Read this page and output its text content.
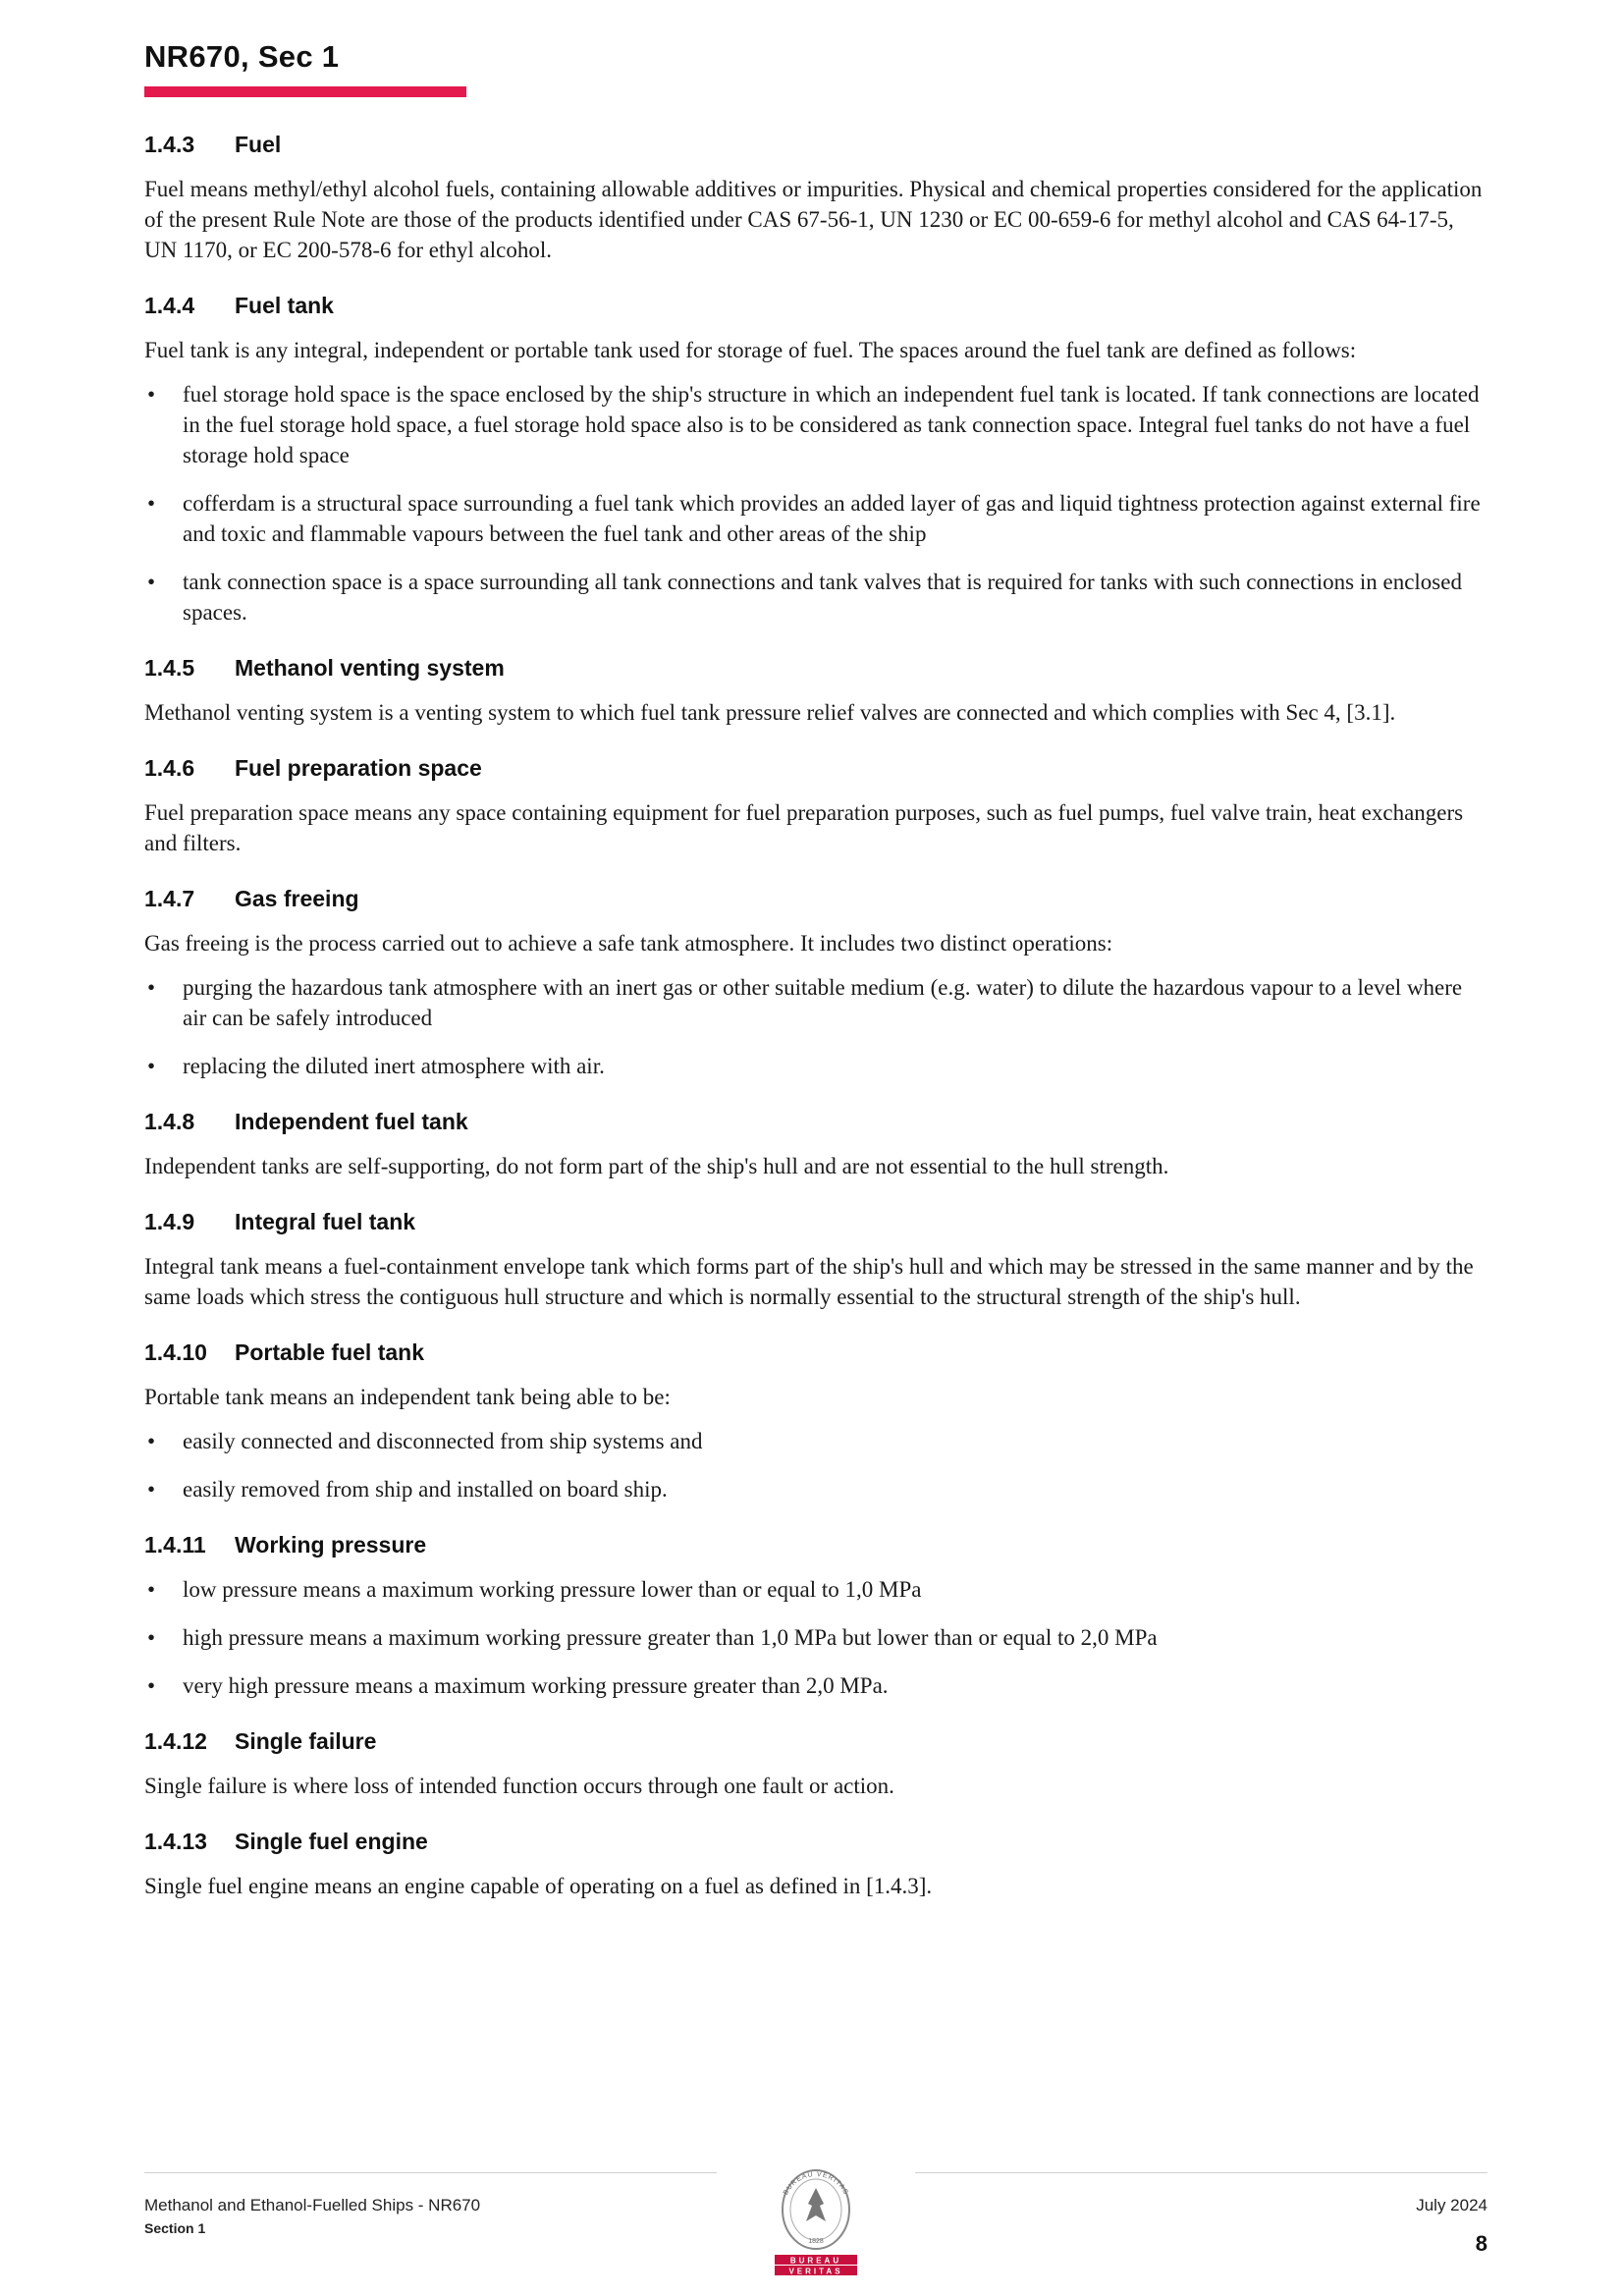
NR670, Sec 1
1.4.3	Fuel

Fuel means methyl/ethyl alcohol fuels, containing allowable additives or impurities. Physical and chemical properties considered for the application of the present Rule Note are those of the products identified under CAS 67-56-1, UN 1230 or EC 00-659-6 for methyl alcohol and CAS 64-17-5, UN 1170, or EC 200-578-6 for ethyl alcohol.

1.4.4	Fuel tank

Fuel tank is any integral, independent or portable tank used for storage of fuel. The spaces around the fuel tank are defined as follows:

• fuel storage hold space is the space enclosed by the ship's structure in which an independent fuel tank is located. If tank connections are located in the fuel storage hold space, a fuel storage hold space also is to be considered as tank connection space. Integral fuel tanks do not have a fuel storage hold space
• cofferdam is a structural space surrounding a fuel tank which provides an added layer of gas and liquid tightness protection against external fire and toxic and flammable vapours between the fuel tank and other areas of the ship
• tank connection space is a space surrounding all tank connections and tank valves that is required for tanks with such connections in enclosed spaces.
1.4.5	Methanol venting system

Methanol venting system is a venting system to which fuel tank pressure relief valves are connected and which complies with Sec 4, [3.1].

1.4.6	Fuel preparation space

Fuel preparation space means any space containing equipment for fuel preparation purposes, such as fuel pumps, fuel valve train, heat exchangers and filters.

1.4.7	Gas freeing

Gas freeing is the process carried out to achieve a safe tank atmosphere. It includes two distinct operations:

• purging the hazardous tank atmosphere with an inert gas or other suitable medium (e.g. water) to dilute the hazardous vapour to a level where air can be safely introduced
• replacing the diluted inert atmosphere with air.
1.4.8	Independent fuel tank

Independent tanks are self-supporting, do not form part of the ship's hull and are not essential to the hull strength.

1.4.9	Integral fuel tank

Integral tank means a fuel-containment envelope tank which forms part of the ship's hull and which may be stressed in the same manner and by the same loads which stress the contiguous hull structure and which is normally essential to the structural strength of the ship's hull.

1.4.10	Portable fuel tank

Portable tank means an independent tank being able to be:

• easily connected and disconnected from ship systems and
• easily removed from ship and installed on board ship.
1.4.11	Working pressure
• low pressure means a maximum working pressure lower than or equal to 1,0 MPa
• high pressure means a maximum working pressure greater than 1,0 MPa but lower than or equal to 2,0 MPa
• very high pressure means a maximum working pressure greater than 2,0 MPa.
1.4.12	Single failure

Single failure is where loss of intended function occurs through one fault or action.

1.4.13	Single fuel engine

Single fuel engine means an engine capable of operating on a fuel as defined in [1.4.3].

Methanol and Ethanol-Fuelled Ships - NR670
Section 1
July 2024
8
BUREAU VERITAS
1828
BUREAU
VERITAS
